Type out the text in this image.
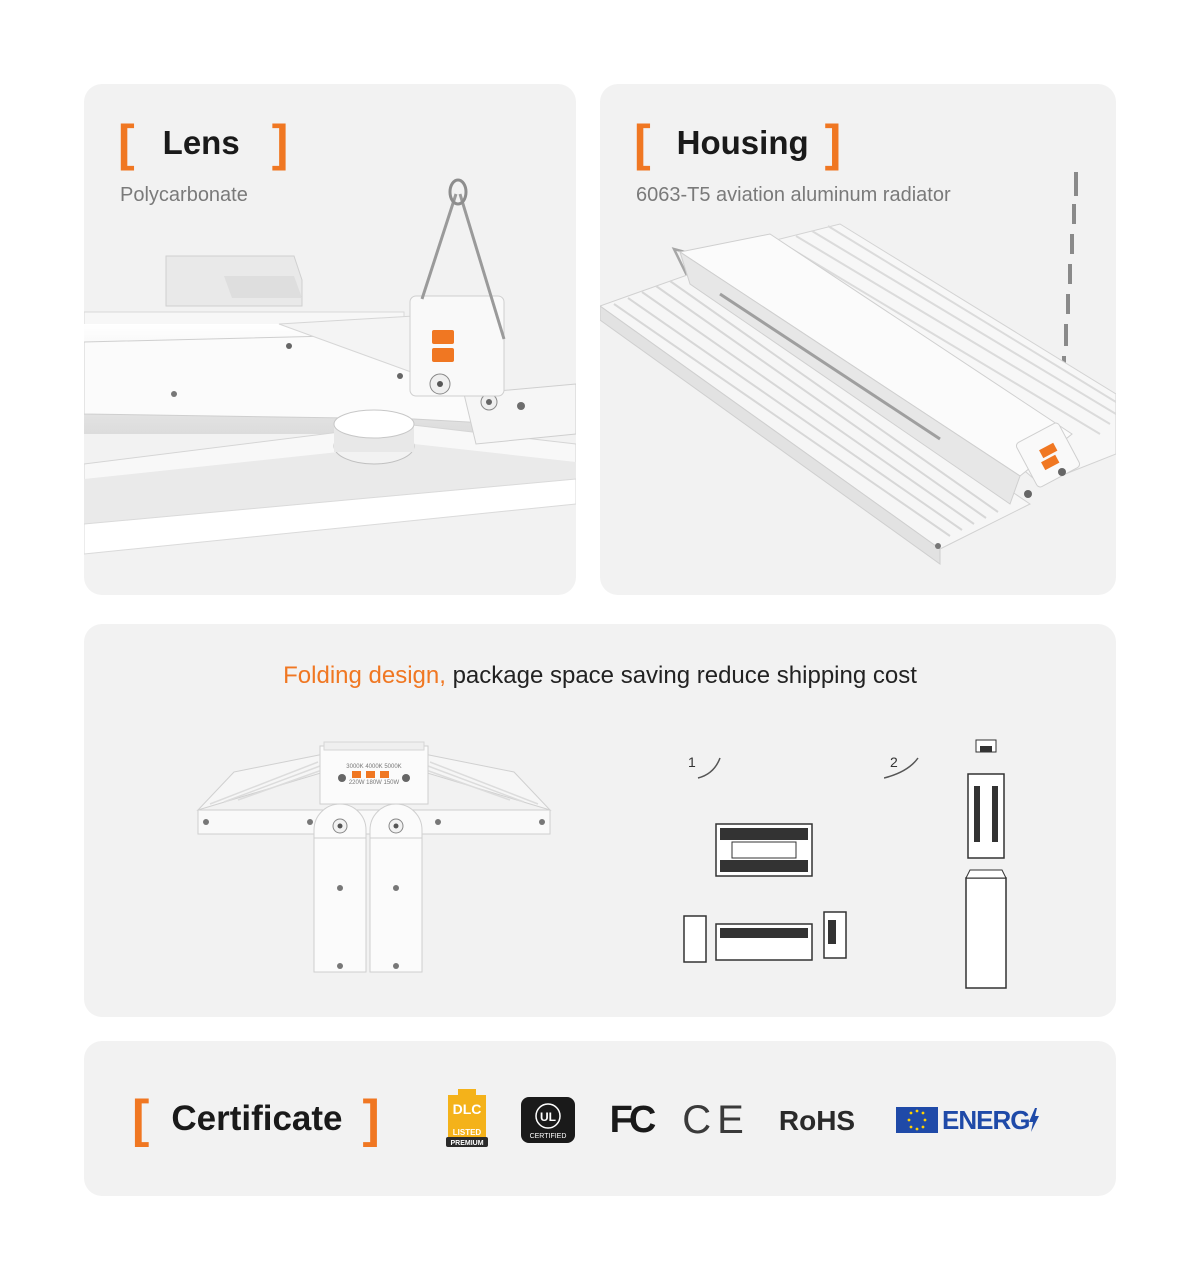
[ Lens ]
Polycarbonate
[ Housing ]
6063-T5 aviation aluminum radiator
Folding design, package space saving reduce shipping cost
3000K 4000K 5000K
220W 180W 150W
1	2
[ Certificate ]	DLC
LISTED
PREMIUM
UL
CERTIFIED FC CE RoHS	ENERG
